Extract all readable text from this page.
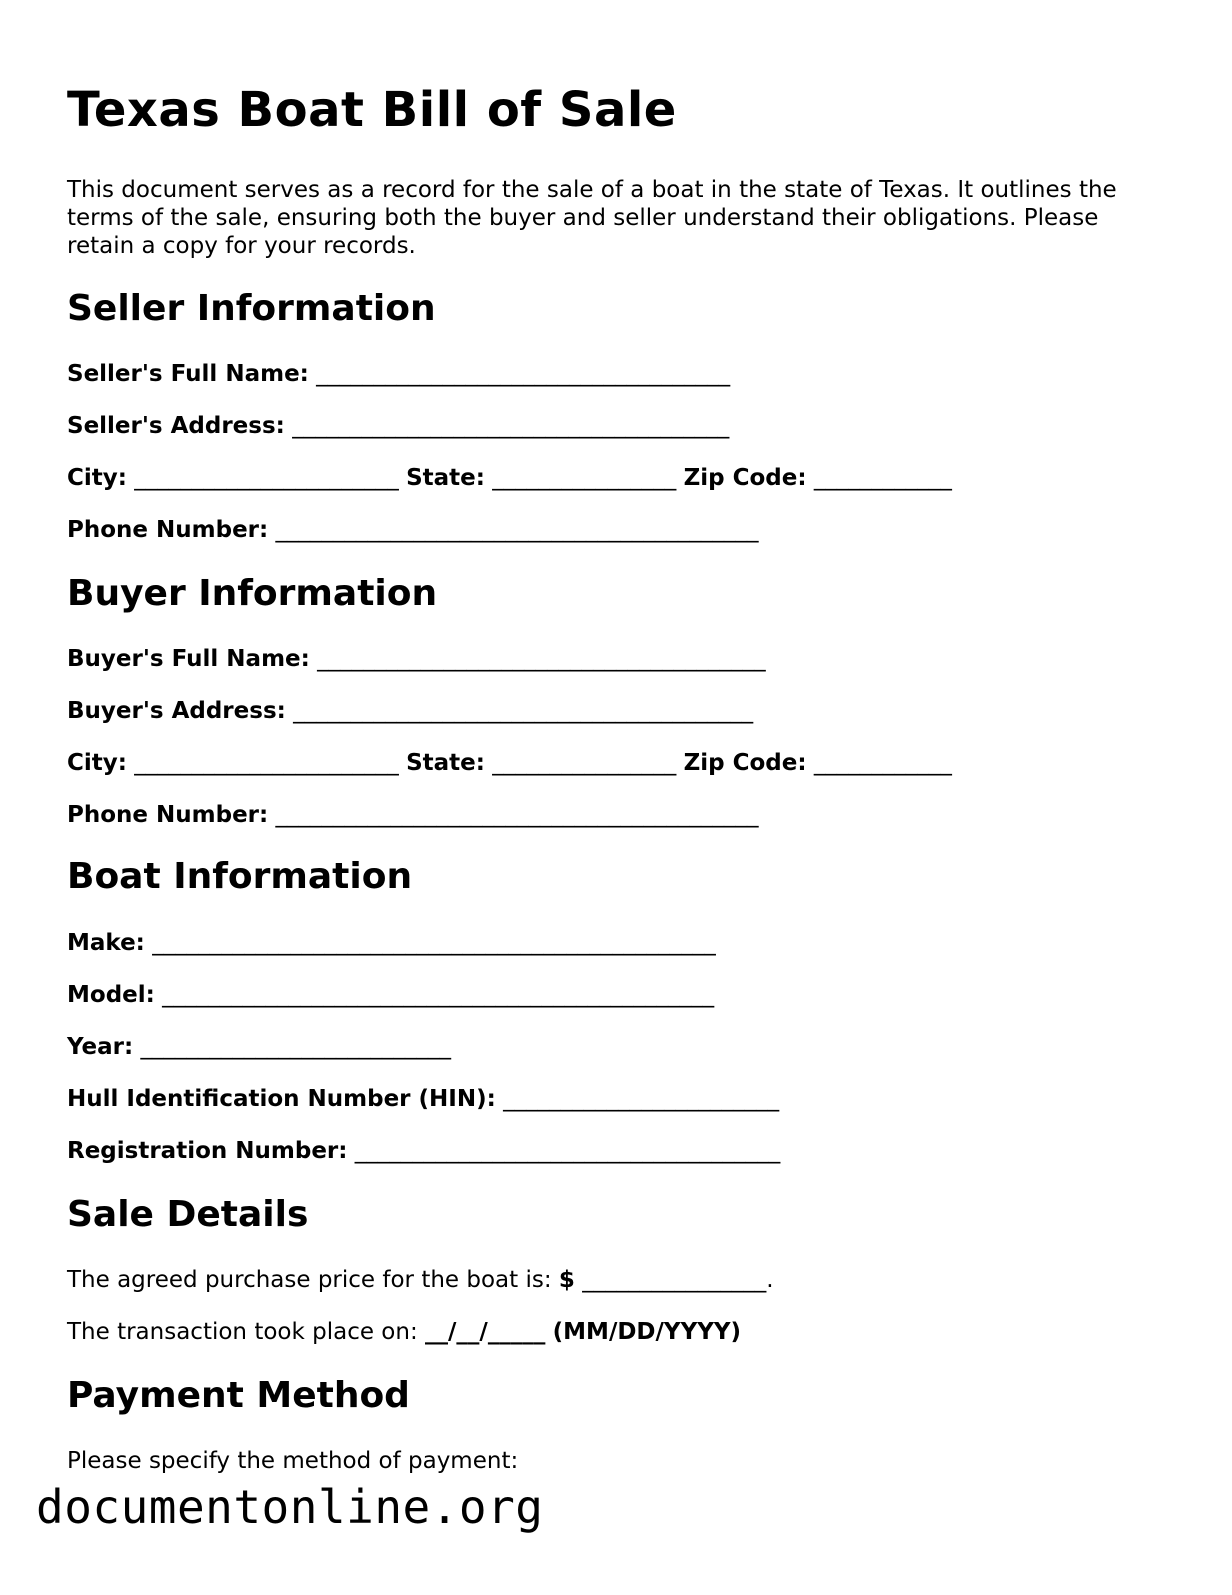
Texas Boat Bill of Sale

This document serves as a record for the sale of a boat in the state of Texas. It outlines the terms of the sale, ensuring both the buyer and seller understand their obligations. Please retain a copy for your records.

Seller Information
Seller's Full Name: ____________________________________
Seller's Address: ______________________________________
City: _______________________ State: ________________ Zip Code: ____________
Phone Number: __________________________________________
Buyer Information
Buyer's Full Name: _______________________________________
Buyer's Address: ________________________________________
City: _______________________ State: ________________ Zip Code: ____________
Phone Number: __________________________________________
Boat Information
Make: _________________________________________________
Model: ________________________________________________
Year: ___________________________
Hull Identification Number (HIN): ________________________
Registration Number: _____________________________________
Sale Details
The agreed purchase price for the boat is: $ ________________.
The transaction took place on: __/__/_____ (MM/DD/YYYY)
Payment Method
Please specify the method of payment:
documentonline.org
